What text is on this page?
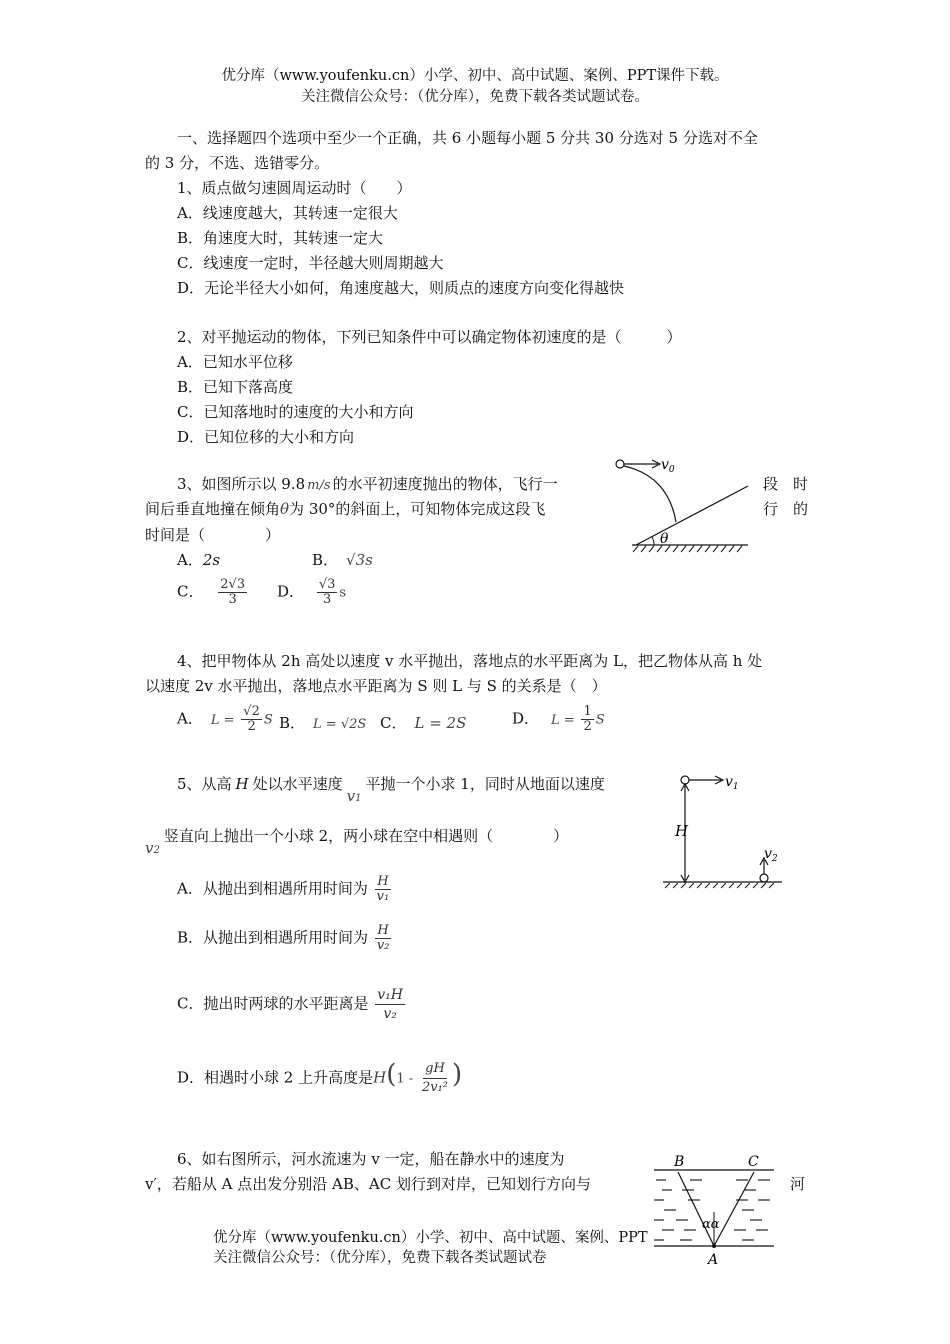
优分库（www.youfenku.cn）小学、初中、高中试题、案例、PPT课件下载。
关注微信公众号：（优分库），免费下载各类试题试卷。
一、选择题四个选项中至少一个正确，共 6 小题每小题 5 分共 30 分选对 5 分选对不全
的 3 分，不选、选错零分。
1、质点做匀速圆周运动时（　　）
A．线速度越大，其转速一定很大
B．角速度大时，其转速一定大
C．线速度一定时，半径越大则周期越大
D．无论半径大小如何，角速度越大，则质点的速度方向变化得越快
2、对平抛运动的物体，下列已知条件中可以确定物体初速度的是（　　　）
A．已知水平位移
B．已知下落高度
C．已知落地时的速度的大小和方向
D．已知位移的大小和方向
3、如图所示以 9.8 m/s 的水平初速度抛出的物体，飞行一	段　时
间后垂直地撞在倾角θ为 30°的斜面上，可知物体完成这段飞	行　的
时间是（　　　　）
A．2s	B． √3s
C． $\frac{2√3}{3}$ D． $\frac{√3}{3}$ s
$v_0$
θ
4、把甲物体从 2h 高处以速度 v 水平抛出，落地点的水平距离为 L，把乙物体从高 h 处
以速度 2v 水平抛出，落地点水平距离为 S 则 L 与 S 的关系是（　）
A． $L = \frac{√2}{2}$ S B． L = √2S C． L = 2S	D． $L = \frac{1}{2}$ S
5、从高 H 处以水平速度v1平抛一个小求 1，同时从地面以速度
v2竖直向上抛出一个小球 2，两小球在空中相遇则（　　　　）
A．从抛出到相遇所用时间为 $\frac{H}{\text{v₁}}$
B．从抛出到相遇所用时间为 $\frac{H}{\text{v₂}}$
C．抛出时两球的水平距离是 $\frac{\text{v₁H}}{\text{v₂}}$
D．相遇时小球 2 上升高度是$H(1 - \frac{gH}{\text{2v₁²}}$ )
$v_1$
H
$v_2$
6、如右图所示，河水流速为 v 一定，船在静水中的速度为
v′，若船从 A 点出发分别沿 AB、AC 划行到对岸，已知划行方向与	河
优分库（www.youfenku.cn）小学、初中、高中试题、案例、PPT
关注微信公众号：（优分库），免费下载各类试题试卷
B	C
αα
A
